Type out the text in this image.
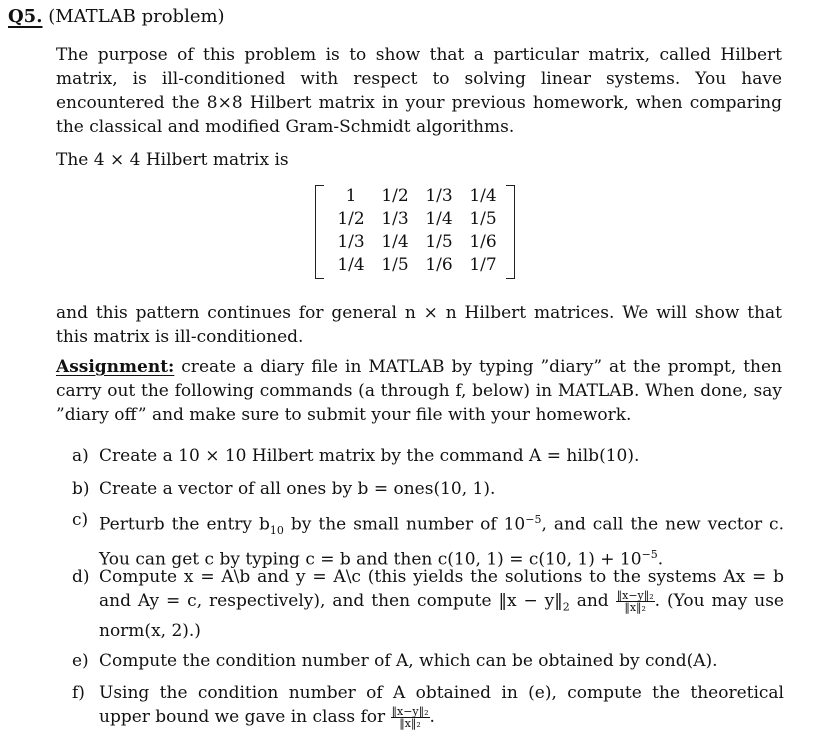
Q5. (MATLAB problem)
The purpose of this problem is to show that a particular matrix, called Hilbert matrix, is ill-conditioned with respect to solving linear systems. You have encountered the 8×8 Hilbert matrix in your previous homework, when comparing the classical and modified Gram-Schmidt algorithms.
The 4 × 4 Hilbert matrix is
1	1/2 1/3 1/4
1/2 1/3 1/4 1/5
1/3 1/4 1/5 1/6
1/4 1/5 1/6 1/7
and this pattern continues for general n × n Hilbert matrices. We will show that this matrix is ill-conditioned.
Assignment: create a diary file in MATLAB by typing ”diary” at the prompt, then carry out the following commands (a through f, below) in MATLAB. When done, say ”diary off” and make sure to submit your file with your homework.
a) Create a 10 × 10 Hilbert matrix by the command A = hilb(10).
b) Create a vector of all ones by b = ones(10, 1).
c) Perturb the entry $b_{10}$ by the small number of $10^{-5}$, and call the new vector c. You can get c by typing c = b and then c(10, 1) = c(10, $1) + 10^{-5}$.
d) Compute x = A\b and y = A\c (this yields the solutions to the systems Ax = b and Ay = c, respectively), and then compute ‖x − $y‖_2$ and $\frac{\text{‖x−y‖₂}}{\text{‖x‖₂}}$ . (You may use norm(x, 2).)
e) Compute the condition number of A, which can be obtained by cond(A).
f) Using the condition number of A obtained in (e), compute the theoretical upper bound we gave in class for $\frac{\text{‖x−y‖₂}}{\text{‖x‖₂}}$ .
